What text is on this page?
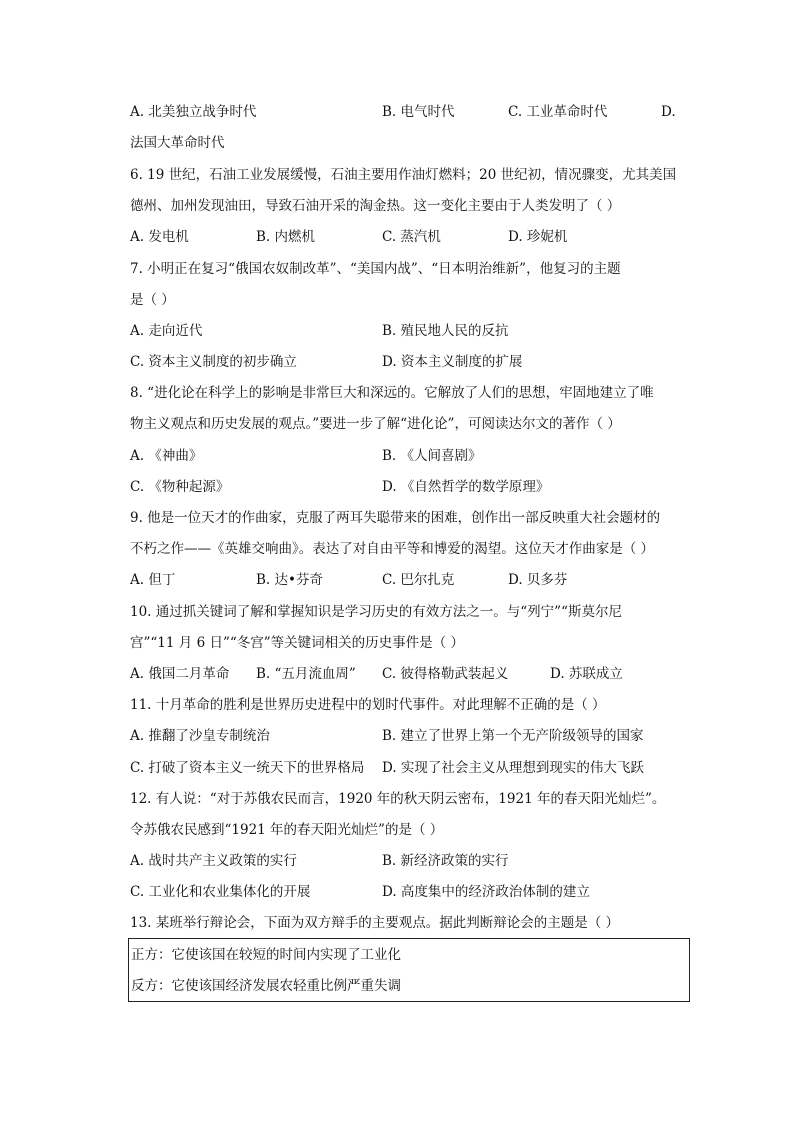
A. 北美独立战争时代	B. 电气时代	C. 工业革命时代	D.
法国大革命时代
6. 19 世纪，石油工业发展缓慢，石油主要用作油灯燃料；20 世纪初，情况骤变，尤其美国
德州、加州发现油田，导致石油开采的淘金热。这一变化主要由于人类发明了（ ）
A. 发电机	B. 内燃机	C. 蒸汽机	D. 珍妮机
7. 小明正在复习“俄国农奴制改革”、“美国内战”、“日本明治维新”，他复习的主题
是（ ）
A. 走向近代	B. 殖民地人民的反抗
C. 资本主义制度的初步确立	D. 资本主义制度的扩展
8. “进化论在科学上的影响是非常巨大和深远的。它解放了人们的思想，牢固地建立了唯
物主义观点和历史发展的观点。”要进一步了解“进化论”，可阅读达尔文的著作（ ）
A. 《神曲》	B. 《人间喜剧》
C. 《物种起源》	D. 《自然哲学的数学原理》
9. 他是一位天才的作曲家，克服了两耳失聪带来的困难，创作出一部反映重大社会题材的
不朽之作——《英雄交响曲》。表达了对自由平等和博爱的渴望。这位天才作曲家是（ ）
A. 但丁	B. 达•芬奇	C. 巴尔扎克	D. 贝多芬
10. 通过抓关键词了解和掌握知识是学习历史的有效方法之一。与“列宁”“斯莫尔尼
宫”“11 月 6 日”“冬宫”等关键词相关的历史事件是（ ）
A. 俄国二月革命 B. “五月流血周” C. 彼得格勒武装起义	D. 苏联成立
11. 十月革命的胜利是世界历史进程中的划时代事件。对此理解不正确的是（ ）
A. 推翻了沙皇专制统治	B. 建立了世界上第一个无产阶级领导的国家
C. 打破了资本主义一统天下的世界格局 D. 实现了社会主义从理想到现实的伟大飞跃
12. 有人说：“对于苏俄农民而言，1920 年的秋天阴云密布，1921 年的春天阳光灿烂”。
令苏俄农民感到“1921 年的春天阳光灿烂”的是（ ）
A. 战时共产主义政策的实行	B. 新经济政策的实行
C. 工业化和农业集体化的开展	D. 高度集中的经济政治体制的建立
13. 某班举行辩论会，下面为双方辩手的主要观点。据此判断辩论会的主题是（ ）
正方：它使该国在较短的时间内实现了工业化
反方：它使该国经济发展农轻重比例严重失调
